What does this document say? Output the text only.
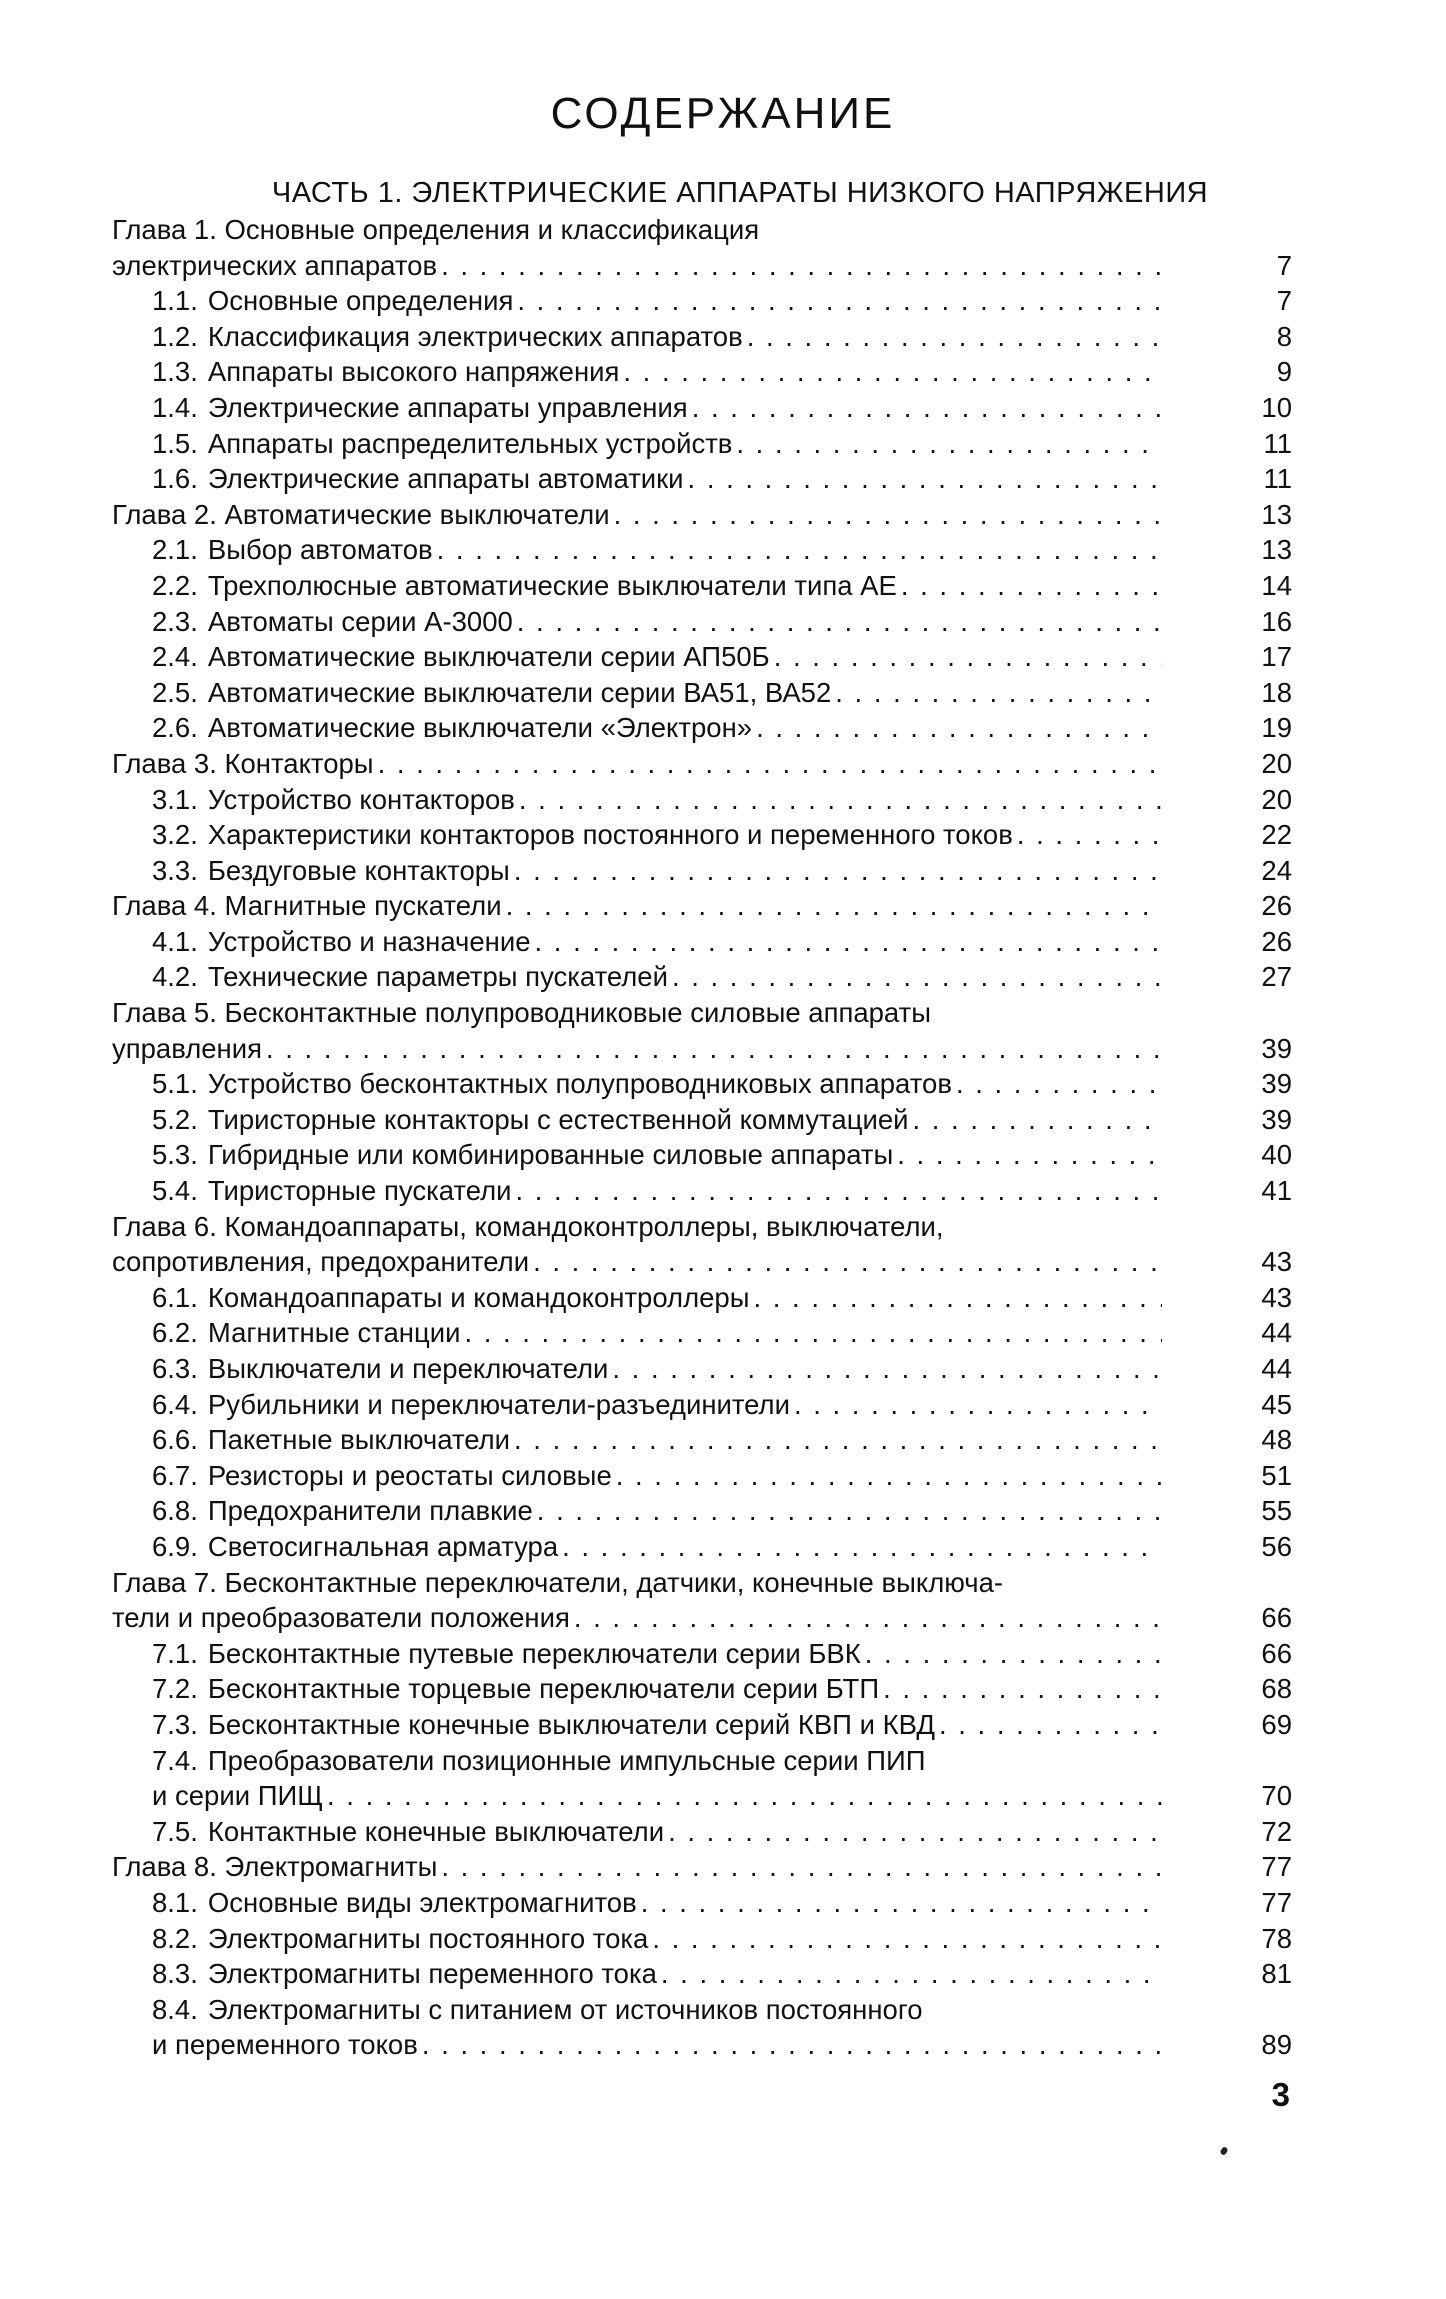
СОДЕРЖАНИЕ
ЧАСТЬ 1. ЭЛЕКТРИЧЕСКИЕ АППАРАТЫ НИЗКОГО НАПРЯЖЕНИЯ
Глава 1. Основные определения и классификация
электрических аппаратов . . .	7
1.1. Основные определения . . .	7
1.2. Классификация электрических аппаратов . . .	8
1.3. Аппараты высокого напряжения . . .	9
1.4. Электрические аппараты управления . . .	10
1.5. Аппараты распределительных устройств . . .	11
1.6. Электрические аппараты автоматики . . .	11
Глава 2. Автоматические выключатели . . .	13
2.1. Выбор автоматов . . .	13
2.2. Трехполюсные автоматические выключатели типа АЕ . . .	14
2.3. Автоматы серии А-3000 . . .	16
2.4. Автоматические выключатели серии АП50Б . . .	17
2.5. Автоматические выключатели серии ВА51, ВА52 . . .	18
2.6. Автоматические выключатели «Электрон» . . .	19
Глава 3. Контакторы . . .	20
3.1. Устройство контакторов . . .	20
3.2. Характеристики контакторов постоянного и переменного токов . . .	22
3.3. Бездуговые контакторы . . .	24
Глава 4. Магнитные пускатели . . .	26
4.1. Устройство и назначение . . .	26
4.2. Технические параметры пускателей . . .	27
Глава 5. Бесконтактные полупроводниковые силовые аппараты
управления . . .	39
5.1. Устройство бесконтактных полупроводниковых аппаратов . . .	39
5.2. Тиристорные контакторы с естественной коммутацией . . .	39
5.3. Гибридные или комбинированные силовые аппараты . . .	40
5.4. Тиристорные пускатели . . .	41
Глава 6. Командоаппараты, командоконтроллеры, выключатели,
сопротивления, предохранители . . .	43
6.1. Командоаппараты и командоконтроллеры . . .	43
6.2. Магнитные станции . . .	44
6.3. Выключатели и переключатели . . .	44
6.4. Рубильники и переключатели-разъединители . . .	45
6.6. Пакетные выключатели . . .	48
6.7. Резисторы и реостаты силовые . . .	51
6.8. Предохранители плавкие . . .	55
6.9. Светосигнальная арматура . . .	56
Глава 7. Бесконтактные переключатели, датчики, конечные выключа-
тели и преобразователи положения . . .	66
7.1. Бесконтактные путевые переключатели серии БВК . . .	66
7.2. Бесконтактные торцевые переключатели серии БТП . . .	68
7.3. Бесконтактные конечные выключатели серий КВП и КВД . . .	69
7.4. Преобразователи позиционные импульсные серии ПИП
и серии ПИЩ . . .	70
7.5. Контактные конечные выключатели . . .	72
Глава 8. Электромагниты . . .	77
8.1. Основные виды электромагнитов . . .	77
8.2. Электромагниты постоянного тока . . .	78
8.3. Электромагниты переменного тока . . .	81
8.4. Электромагниты с питанием от источников постоянного
и переменного токов . . .	89
3
